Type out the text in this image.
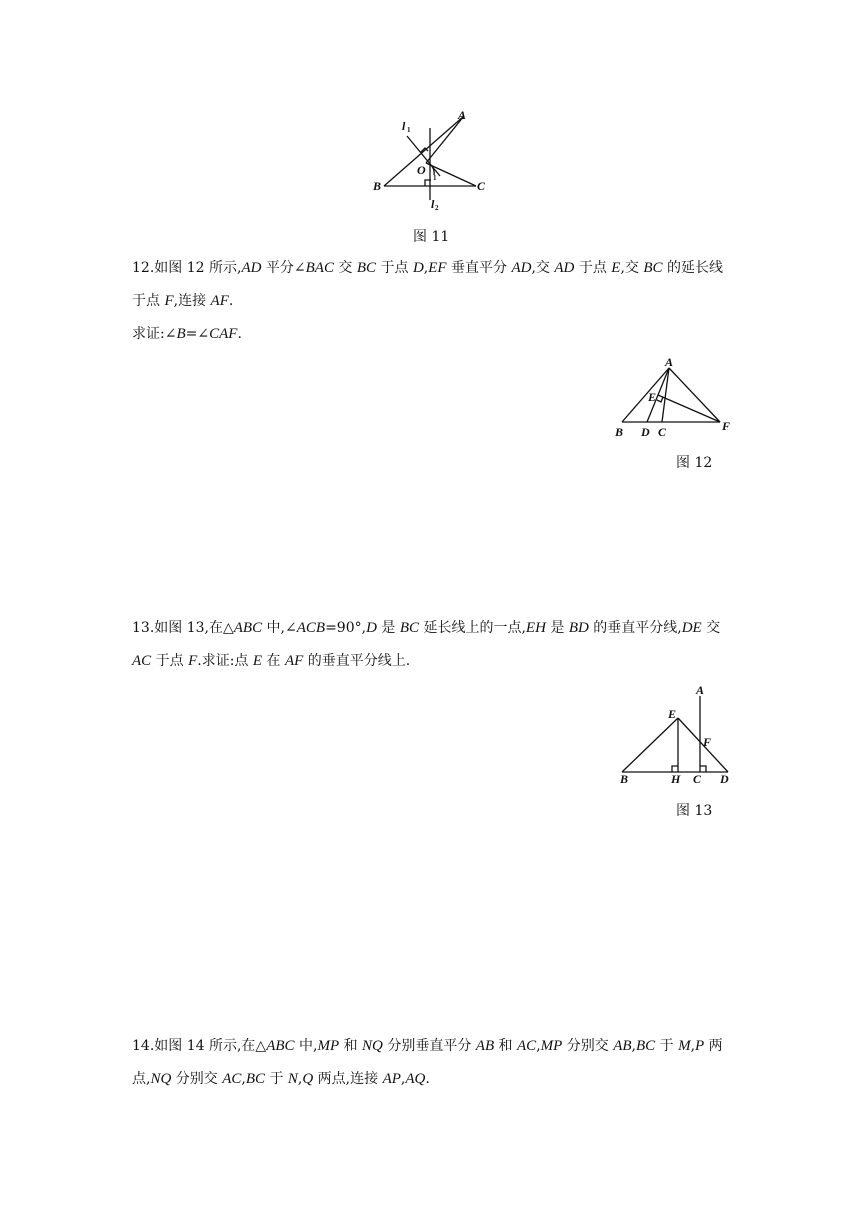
l 1
A
O
1
B	C
l 2
图 11

12.如图 12 所示,AD 平分∠BAC 交 BC 于点 D,EF 垂直平分 AD,交 AD 于点 E,交 BC 的延长线

于点 F,连接 AF.

求证:∠B=∠CAF.

A
E
B D C	F
图 12

13.如图 13,在△ABC 中,∠ACB=90°,D 是 BC 延长线上的一点,EH 是 BD 的垂直平分线,DE 交

AC 于点 F.求证:点 E 在 AF 的垂直平分线上.

A
E
F
B	H C D
图 13

14.如图 14 所示,在△ABC 中,MP 和 NQ 分别垂直平分 AB 和 AC,MP 分别交 AB,BC 于 M,P 两

点,NQ 分别交 AC,BC 于 N,Q 两点,连接 AP,AQ.
